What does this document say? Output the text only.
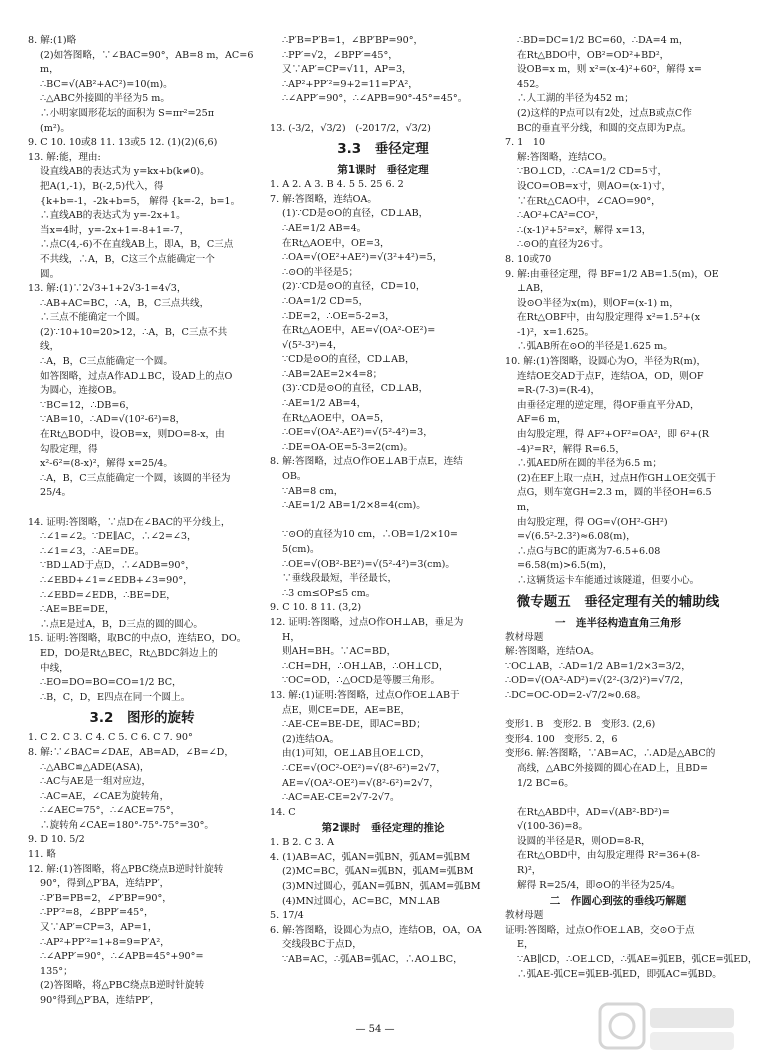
8. 解:(1)略
(2)如答图略，∵∠BAC=90°，AB=8 m，AC=6
m，
∴BC=√(AB²+AC²)=10(m)。
∴△ABC外接圆的半径为5 m。
∴小明家圆形花坛的面积为 S=πr²=25π
(m²)。
9. C 10. 10或8 11. 13或5 12. (1)(2)(6,6)
13. 解:能，理由:
设直线AB的表达式为 y=kx+b(k≠0)。
把A(1,-1)，B(-2,5)代入，得
{k+b=-1，-2k+b=5， 解得 {k=-2，b=1。
∴直线AB的表达式为 y=-2x+1。
当x=4时，y=-2x+1=-8+1=-7，
∴点C(4,-6)不在直线AB上，即A，B，C三点
不共线，∴A，B，C这三个点能确定一个
圆。
13. 解:(1)∵2√3+1+2√3-1=4√3，
∴AB+AC=BC，∴A，B，C三点共线，
∴三点不能确定一个圆。
(2)∵10+10=20>12，∴A，B，C三点不共
线，
∴A，B，C三点能确定一个圆。
如答图略，过点A作AD⊥BC，设AD上的点O
为圆心，连接OB。
∵BC=12，∴DB=6，
∵AB=10，∴AD=√(10²-6²)=8，
在Rt△BOD中，设OB=x，则DO=8-x，由
勾股定理，得
x²-6²=(8-x)²，解得 x=25/4。
∴A，B，C三点能确定一个圆，该圆的半径为
25/4。

14. 证明:答图略，∵点D在∠BAC的平分线上，
∴∠1=∠2。∵DE∥AC，∴∠2=∠3，
∴∠1=∠3，∴AE=DE。
∵BD⊥AD于点D，∴∠ADB=90°，
∴∠EBD+∠1=∠EDB+∠3=90°，
∴∠EBD=∠EDB，∴BE=DE，
∴AE=BE=DE，
∴点E是过A，B，D三点的圆的圆心。
15. 证明:答图略，取BC的中点O，连结EO，DO。
ED，DO是Rt△BEC，Rt△BDC斜边上的
中线，
∴EO=DO=BO=CO=1/2 BC，
∴B，C，D，E四点在同一个圆上。
3.2　图形的旋转
1. C 2. C 3. C 4. C 5. C 6. C 7. 90°
8. 解:∵∠BAC=∠DAE，AB=AD，∠B=∠D，
∴△ABC≌△ADE(ASA)，
∴AC与AE是一组对应边，
∴AC=AE，∠CAE为旋转角，
∴∠AEC=75°，∴∠ACE=75°，
∴旋转角∠CAE=180°-75°-75°=30°。
9. D 10. 5/2
11. 略
12. 解:(1)答图略，将△PBC绕点B逆时针旋转
90°，得到△P′BA，连结PP′，
∴P′B=PB=2，∠P′BP=90°，
∴PP′²=8，∠BPP′=45°，
又∵AP′=CP=3，AP=1，
∴AP²+PP′²=1+8=9=P′A²，
∴∠APP′=90°，∴∠APB=45°+90°=
135°；
(2)答图略，将△PBC绕点B逆时针旋转
90°得到△P′BA，连结PP′，
∴P′B=P′B=1，∠BP′BP=90°，
∴PP′=√2，∠BPP′=45°，
又∵AP′=CP=√11，AP=3，
∴AP²+PP′²=9+2=11=P′A²，
∴∠APP′=90°，∴∠APB=90°-45°=45°。

13. (-3/2，√3/2)　(-2017/2，√3/2)
3.3　垂径定理
第1课时　垂径定理
1. A 2. A 3. B 4. 5 5. 25 6. 2
7. 解:答图略，连结OA。
(1)∵CD是⊙O的直径，CD⊥AB，
∴AE=1/2 AB=4。
在Rt△AOE中，OE=3，
∴OA=√(OE²+AE²)=√(3²+4²)=5，
∴⊙O的半径是5；
(2)∵CD是⊙O的直径，CD=10，
∴OA=1/2 CD=5，
∴DE=2，∴OE=5-2=3，
在Rt△AOE中，AE=√(OA²-OE²)=
√(5²-3²)=4，
∵CD是⊙O的直径，CD⊥AB，
∴AB=2AE=2×4=8；
(3)∵CD是⊙O的直径，CD⊥AB，
∴AE=1/2 AB=4，
在Rt△AOE中，OA=5，
∴OE=√(OA²-AE²)=√(5²-4²)=3，
∴DE=OA-OE=5-3=2(cm)。
8. 解:答图略，过点O作OE⊥AB于点E，连结
OB。
∵AB=8 cm，
∴AE=1/2 AB=1/2×8=4(cm)。

∵⊙O的直径为10 cm，∴OB=1/2×10=
5(cm)。
∴OE=√(OB²-BE²)=√(5²-4²)=3(cm)。
∵垂线段最短，半径最长，
∴3 cm≤OP≤5 cm。
9. C 10. 8 11. (3,2)
12. 证明:答图略，过点O作OH⊥AB，垂足为
H，
则AH=BH。∵AC=BD，
∴CH=DH，∴OH⊥AB，∴OH⊥CD，
∵OC=OD，∴△OCD是等腰三角形。
13. 解:(1)证明:答图略，过点O作OE⊥AB于
点E，则CE=DE，AE=BE，
∴AE-CE=BE-DE，即AC=BD；
(2)连结OA。
由(1)可知，OE⊥AB且OE⊥CD，
∴CE=√(OC²-OE²)=√(8²-6²)=2√7，
AE=√(OA²-OE²)=√(8²-6²)=2√7，
∴AC=AE-CE=2√7-2√7。
14. C
第2课时　垂径定理的推论
1. B 2. C 3. A
4. (1)AB=AC，弧AN=弧BN，弧AM=弧BM
(2)MC=BC，弧AN=弧BN，弧AM=弧BM
(3)MN过圆心，弧AN=弧BN，弧AM=弧BM
(4)MN过圆心，AC=BC，MN⊥AB
5. 17/4
6. 解:答图略，设圆心为点O，连结OB，OA，OA
交线段BC于点D，
∵AB=AC，∴弧AB=弧AC，∴AO⊥BC，
∴BD=DC=1/2 BC=60，∴DA=4 m，
在Rt△BDO中，OB²=OD²+BD²，
设OB=x m，则 x²=(x-4)²+60²，解得 x=
452。
∴人工湖的半径为452 m；
(2)这样的P点可以有2处，过点B或点C作
BC的垂直平分线，和圆的交点即为P点。
7. 1　10
解:答图略，连结CO。
∵BO⊥CD，∴CA=1/2 CD=5寸，
设CO=OB=x寸，则AO=(x-1)寸，
∵在Rt△CAO中，∠CAO=90°，
∴AO²+CA²=CO²，
∴(x-1)²+5²=x²，解得 x=13，
∴⊙O的直径为26寸。
8. 10或70
9. 解:由垂径定理，得 BF=1/2 AB=1.5(m)，OE
⊥AB，
设⊙O半径为x(m)，则OF=(x-1) m，
在Rt△OBF中，由勾股定理得 x²=1.5²+(x
-1)²，x=1.625。
∴弧AB所在⊙O的半径是1.625 m。
10. 解:(1)答图略，设圆心为O，半径为R(m)，
连结OE交AD于点F，连结OA，OD，则OF
=R-(7-3)=(R-4)，
由垂径定理的逆定理，得OF垂直平分AD，
AF=6 m，
由勾股定理，得 AF²+OF²=OA²，即 6²+(R
-4)²=R²，解得 R=6.5，
∴弧AED所在圆的半径为6.5 m；
(2)在EF上取一点H，过点H作GH⊥OE交弧于
点G，则车宽GH=2.3 m，圆的半径OH=6.5
m，
由勾股定理，得 OG=√(OH²-GH²)
=√(6.5²-2.3²)≈6.08(m)，
∴点G与BC的距离为7-6.5+6.08
=6.58(m)>6.5(m)，
∴这辆货运卡车能通过该隧道，但要小心。
微专题五　垂径定理有关的辅助线
一　连半径构造直角三角形
教材母题
解:答图略，连结OA。
∵OC⊥AB，∴AD=1/2 AB=1/2×3=3/2，
∴OD=√(OA²-AD²)=√(2²-(3/2)²)=√7/2，
∴DC=OC-OD=2-√7/2≈0.68。

变形1. B　变形2. B　变形3. (2,6)
变形4. 100　变形5. 2，6
变形6. 解:答图略，∵AB=AC，∴AD是△ABC的
高线，△ABC外接圆的圆心在AD上，且BD=
1/2 BC=6。

在Rt△ABD中，AD=√(AB²-BD²)=
√(100-36)=8。
设圆的半径是R，则OD=8-R，
在Rt△OBD中，由勾股定理得 R²=36+(8-
R)²，
解得 R=25/4，即⊙O的半径为25/4。
二　作圆心到弦的垂线巧解题
教材母题
证明:答图略，过点O作OE⊥AB，交⊙O于点
E，
∵AB∥CD，∴OE⊥CD，∴弧AE=弧EB，弧CE=弧ED，
∴弧AE-弧CE=弧EB-弧ED，即弧AC=弧BD。
— 54 —
